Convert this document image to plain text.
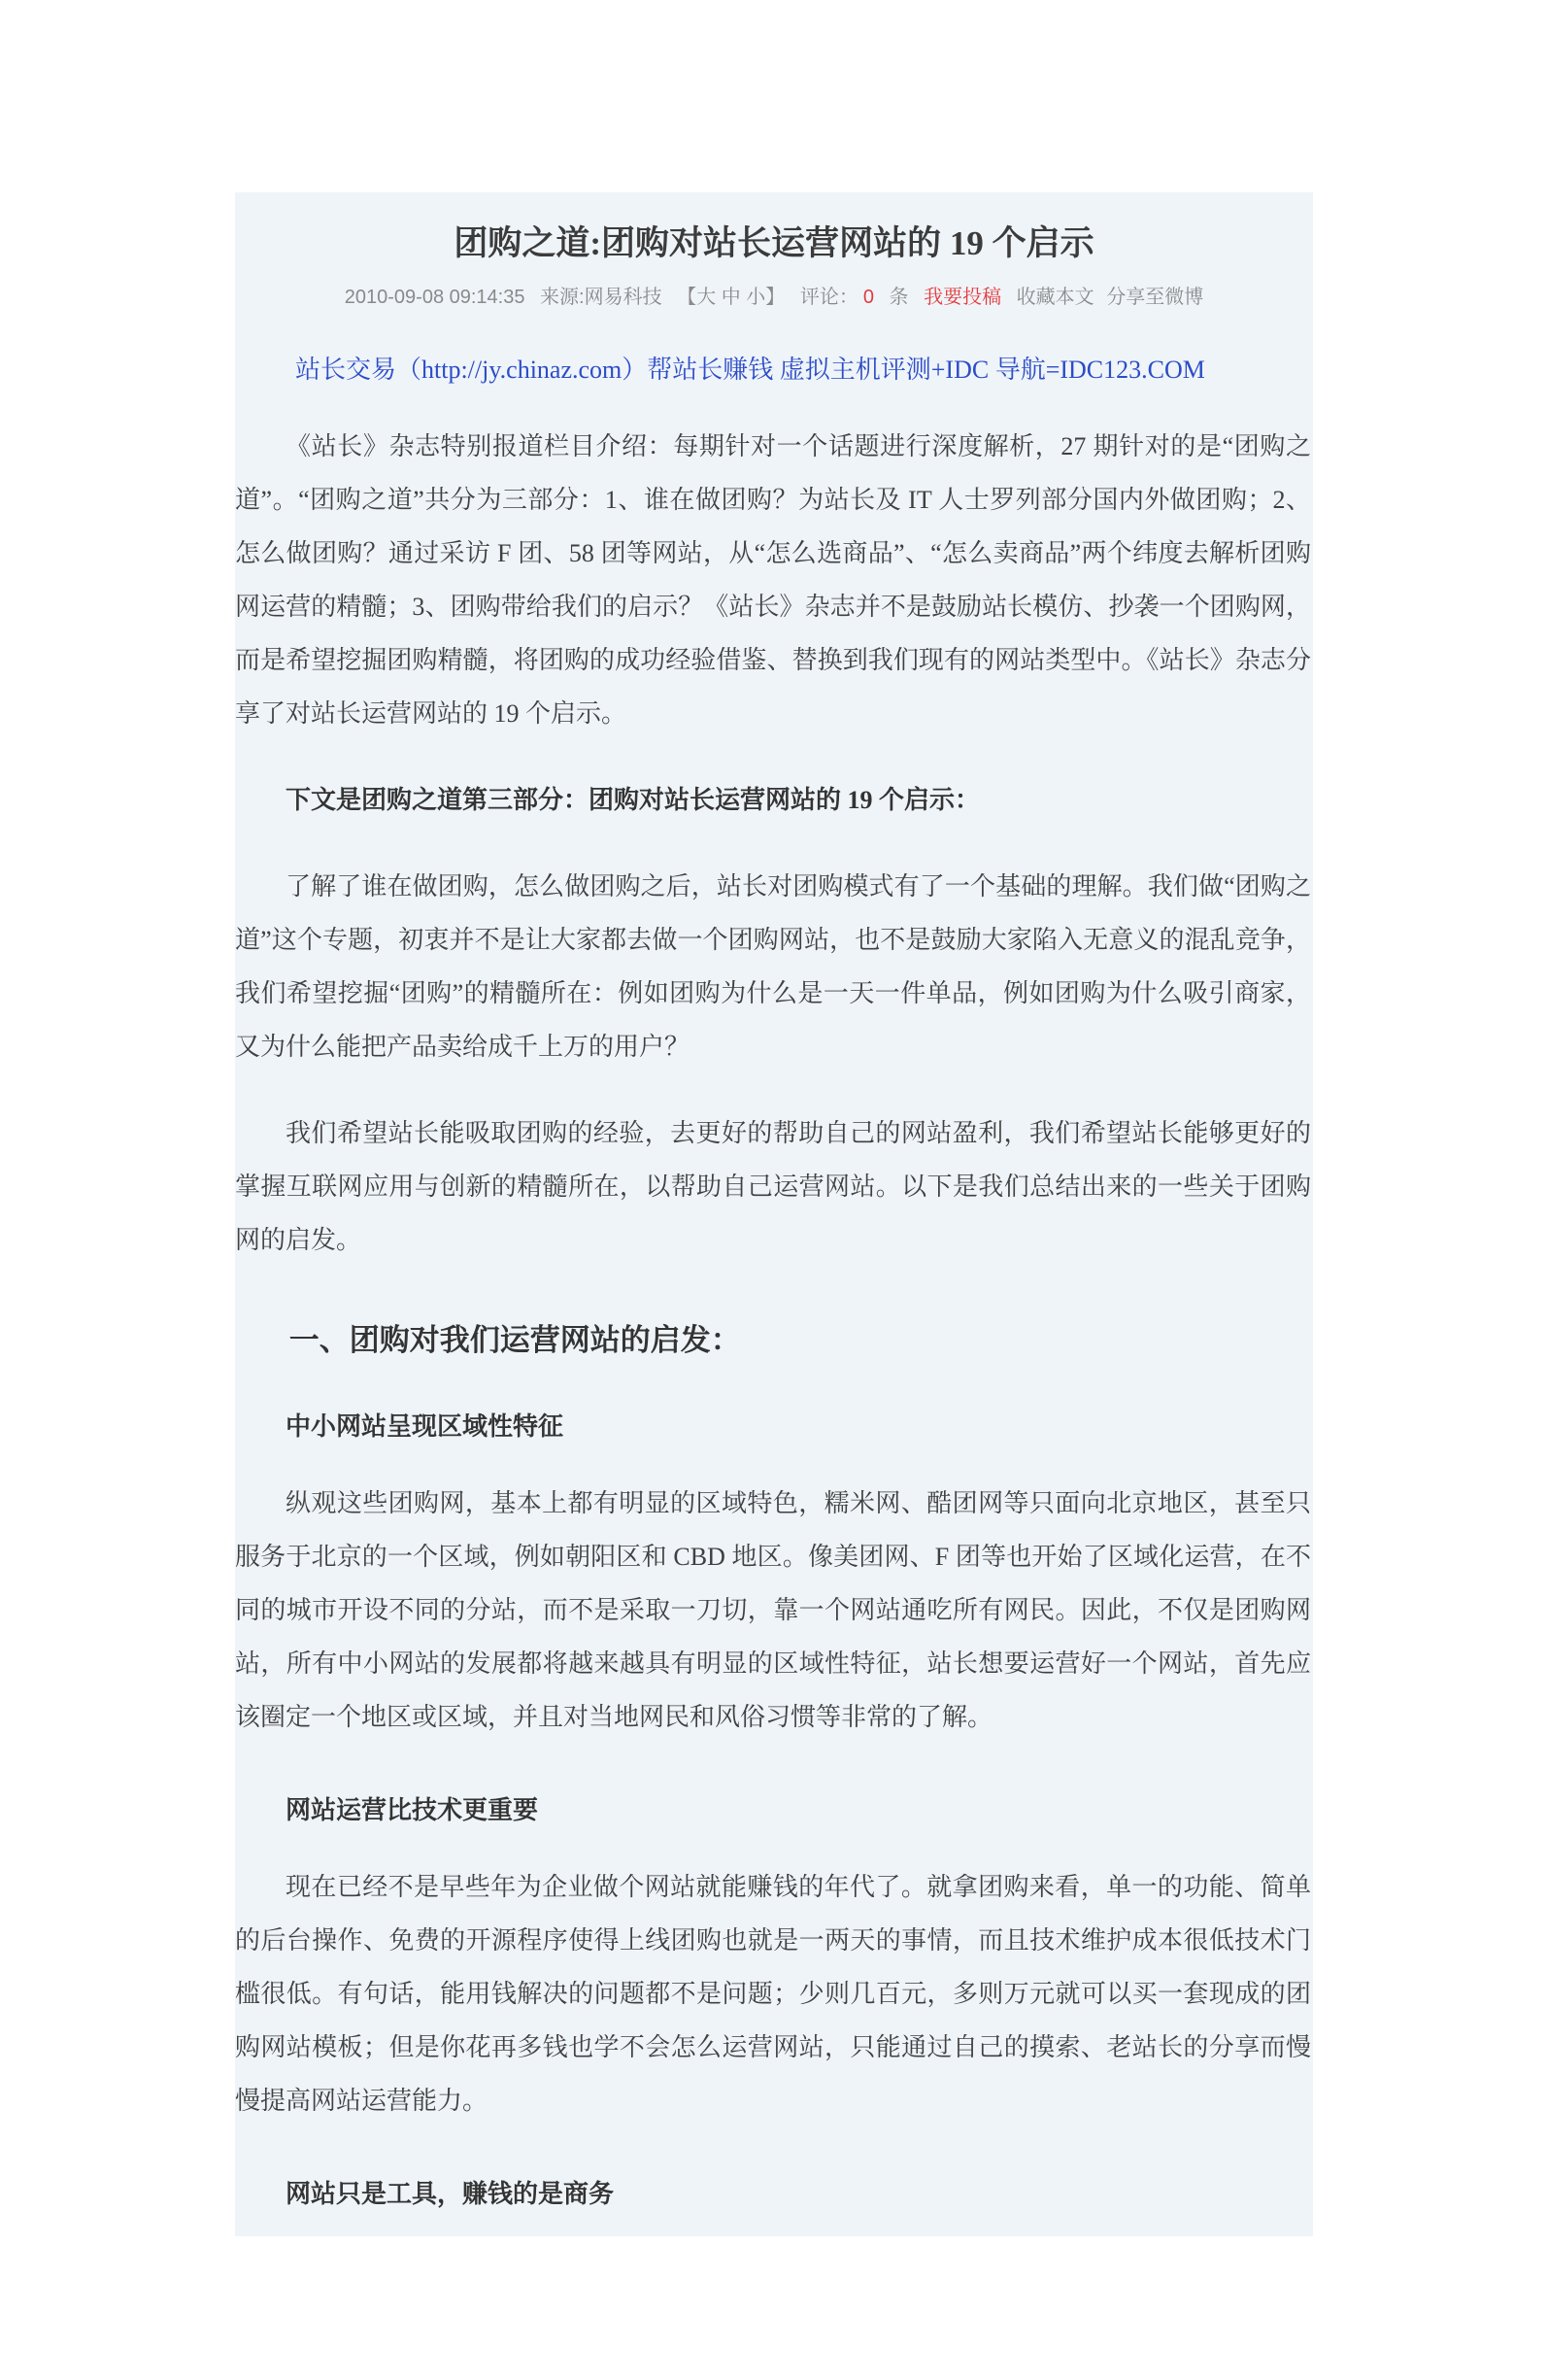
团购之道:团购对站长运营网站的 19 个启示
2010-09-08 09:14:35 来源:网易科技 【大 中 小】 评论： 0 条 我要投稿 收藏本文 分享至微博
站长交易（http://jy.chinaz.com）帮站长赚钱 虚拟主机评测+IDC 导航=IDC123.COM

《站长》杂志特别报道栏目介绍：每期针对一个话题进行深度解析，27 期针对的是“团购之道”。“团购之道”共分为三部分：1、谁在做团购？为站长及 IT 人士罗列部分国内外做团购；2、怎么做团购？通过采访 F 团、58 团等网站，从“怎么选商品”、“怎么卖商品”两个纬度去解析团购网运营的精髓；3、团购带给我们的启示？《站长》杂志并不是鼓励站长模仿、抄袭一个团购网，而是希望挖掘团购精髓，将团购的成功经验借鉴、替换到我们现有的网站类型中。《站长》杂志分享了对站长运营网站的 19 个启示。

下文是团购之道第三部分：团购对站长运营网站的 19 个启示：

了解了谁在做团购，怎么做团购之后，站长对团购模式有了一个基础的理解。我们做“团购之道”这个专题，初衷并不是让大家都去做一个团购网站，也不是鼓励大家陷入无意义的混乱竞争，我们希望挖掘“团购”的精髓所在：例如团购为什么是一天一件单品，例如团购为什么吸引商家，又为什么能把产品卖给成千上万的用户？

我们希望站长能吸取团购的经验，去更好的帮助自己的网站盈利，我们希望站长能够更好的掌握互联网应用与创新的精髓所在，以帮助自己运营网站。以下是我们总结出来的一些关于团购网的启发。

一、团购对我们运营网站的启发：
中小网站呈现区域性特征

纵观这些团购网，基本上都有明显的区域特色，糯米网、酷团网等只面向北京地区，甚至只服务于北京的一个区域，例如朝阳区和 CBD 地区。像美团网、F 团等也开始了区域化运营，在不同的城市开设不同的分站，而不是采取一刀切，靠一个网站通吃所有网民。因此，不仅是团购网站，所有中小网站的发展都将越来越具有明显的区域性特征，站长想要运营好一个网站，首先应该圈定一个地区或区域，并且对当地网民和风俗习惯等非常的了解。

网站运营比技术更重要

现在已经不是早些年为企业做个网站就能赚钱的年代了。就拿团购来看，单一的功能、简单的后台操作、免费的开源程序使得上线团购也就是一两天的事情，而且技术维护成本很低技术门槛很低。有句话，能用钱解决的问题都不是问题；少则几百元，多则万元就可以买一套现成的团购网站模板；但是你花再多钱也学不会怎么运营网站，只能通过自己的摸索、老站长的分享而慢慢提高网站运营能力。

网站只是工具，赚钱的是商务
